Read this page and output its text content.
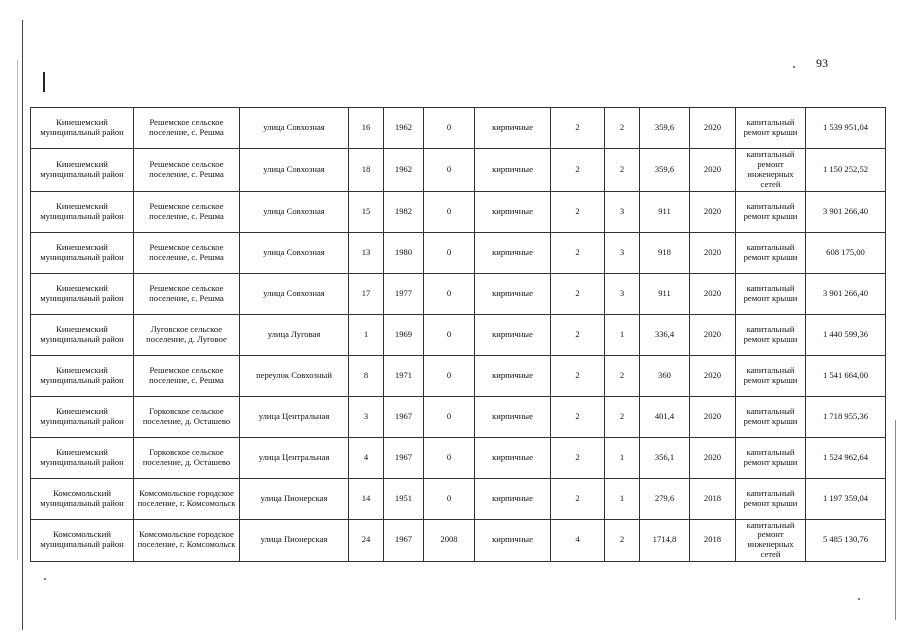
93
Кинешемский муниципальный район	Решемское сельское поселение, с. Решма	улица Совхозная	16	1962	0	кирпичные	2	2	359,6	2020	капитальный ремонт крыши	1 539 951,04
Кинешемский муниципальный район	Решемское сельское поселение, с. Решма	улица Совхозная	18	1962	0	кирпичные	2	2	359,6	2020	капитальный ремонт инженерных сетей	1 150 252,52
Кинешемский муниципальный район	Решемское сельское поселение, с. Решма	улица Совхозная	15	1982	0	кирпичные	2	3	911	2020	капитальный ремонт крыши	3 901 266,40
Кинешемский муниципальный район	Решемское сельское поселение, с. Решма	улица Совхозная	13	1980	0	кирпичные	2	3	918	2020	капитальный ремонт крыши	608 175,00
Кинешемский муниципальный район	Решемское сельское поселение, с. Решма	улица Совхозная	17	1977	0	кирпичные	2	3	911	2020	капитальный ремонт крыши	3 901 266,40
Кинешемский муниципальный район	Луговское сельское поселение, д. Луговое	улица Луговая	1	1969	0	кирпичные	2	1	336,4	2020	капитальный ремонт крыши	1 440 599,36
Кинешемский муниципальный район	Решемское сельское поселение, с. Решма	переулок Совхозный	8	1971	0	кирпичные	2	2	360	2020	капитальный ремонт крыши	1 541 664,00
Кинешемский муниципальный район	Горковское сельское поселение, д. Осташево	улица Центральная	3	1967	0	кирпичные	2	2	401,4	2020	капитальный ремонт крыши	1 718 955,36
Кинешемский муниципальный район	Горковское сельское поселение, д. Осташево	улица Центральная	4	1967	0	кирпичные	2	1	356,1	2020	капитальный ремонт крыши	1 524 962,64
Комсомольский муниципальный район	Комсомольское городское поселение, г. Комсомольск	улица Пионерская	14	1951	0	кирпичные	2	1	279,6	2018	капитальный ремонт крыши	1 197 359,04
Комсомольский муниципальный район	Комсомольское городское поселение, г. Комсомольск	улица Пионерская	24	1967	2008	кирпичные	4	2	1714,8	2018	капитальный ремонт инженерных сетей	5 485 130,76
